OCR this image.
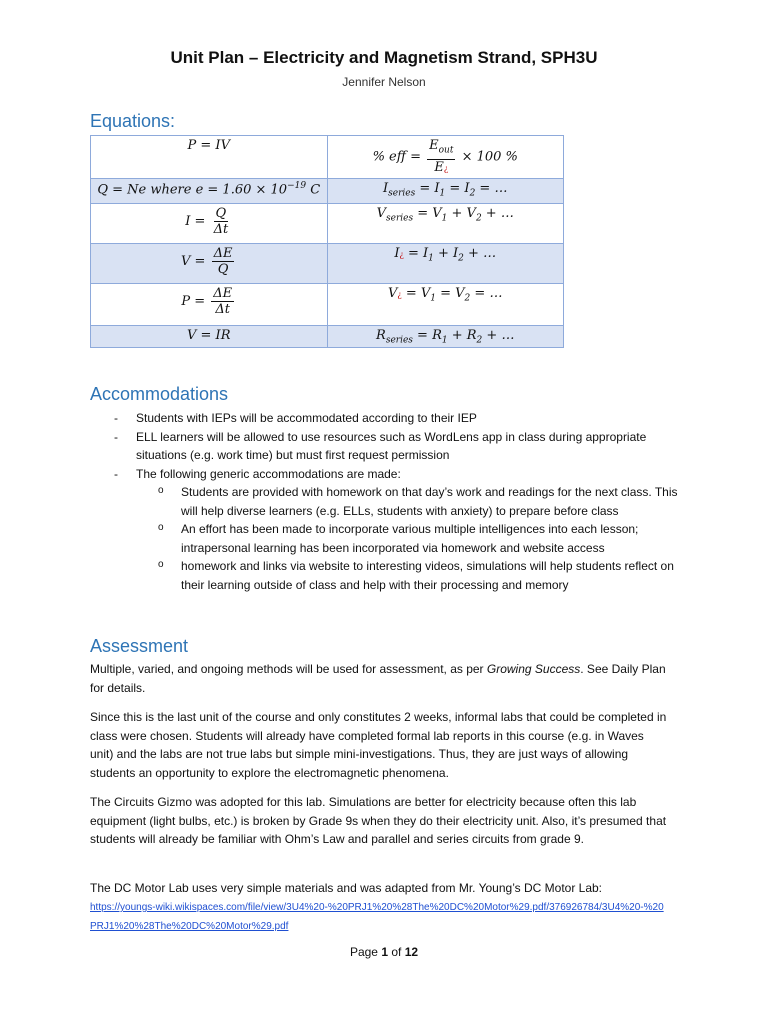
Unit Plan – Electricity and Magnetism Strand, SPH3U
Jennifer Nelson
Equations:
P = IV	% eff = $\frac{E_{out}}{E¿} \times 100$ %
Q = Ne where $e = 1.60 \times 10^{-19}$ C	$I_{series} = I_1 = I_2$ = …
$I = \frac{Q}{\Delta t}$	$V_{series} = V_1 + V_2$ + …
$V = \frac{\Delta E}{Q}$	I¿ = $I_1 + I_2$ + …
$P = \frac{\Delta E}{\Delta t}$	V¿ = $V_1 = V_2$ = …
V = IR	$R_{series} = R_1 + R_2$ + …
Accommodations
- Students with IEPs will be accommodated according to their IEP
- ELL learners will be allowed to use resources such as WordLens app in class during appropriate situations (e.g. work time) but must first request permission
- The following generic accommodations are made:
o Students are provided with homework on that day’s work and readings for the next class. This will help diverse learners (e.g. ELLs, students with anxiety) to prepare before class
o An effort has been made to incorporate various multiple intelligences into each lesson; intrapersonal learning has been incorporated via homework and website access
o homework and links via website to interesting videos, simulations will help students reflect on their learning outside of class and help with their processing and memory
Assessment
Multiple, varied, and ongoing methods will be used for assessment, as per Growing Success. See Daily Plan for details.
Since this is the last unit of the course and only constitutes 2 weeks, informal labs that could be completed in class were chosen. Students will already have completed formal lab reports in this course (e.g. in Waves unit) and the labs are not true labs but simple mini-investigations. Thus, they are just ways of allowing students an opportunity to explore the electromagnetic phenomena.
The Circuits Gizmo was adopted for this lab. Simulations are better for electricity because often this lab equipment (light bulbs, etc.) is broken by Grade 9s when they do their electricity unit. Also, it’s presumed that students will already be familiar with Ohm’s Law and parallel and series circuits from grade 9.
The DC Motor Lab uses very simple materials and was adapted from Mr. Young’s DC Motor Lab:
https://youngs-wiki.wikispaces.com/file/view/3U4%20-%20PRJ1%20%28The%20DC%20Motor%29.pdf/376926784/3U4%20-%20PRJ1%20%28The%20DC%20Motor%29.pdf
Page 1 of 12
